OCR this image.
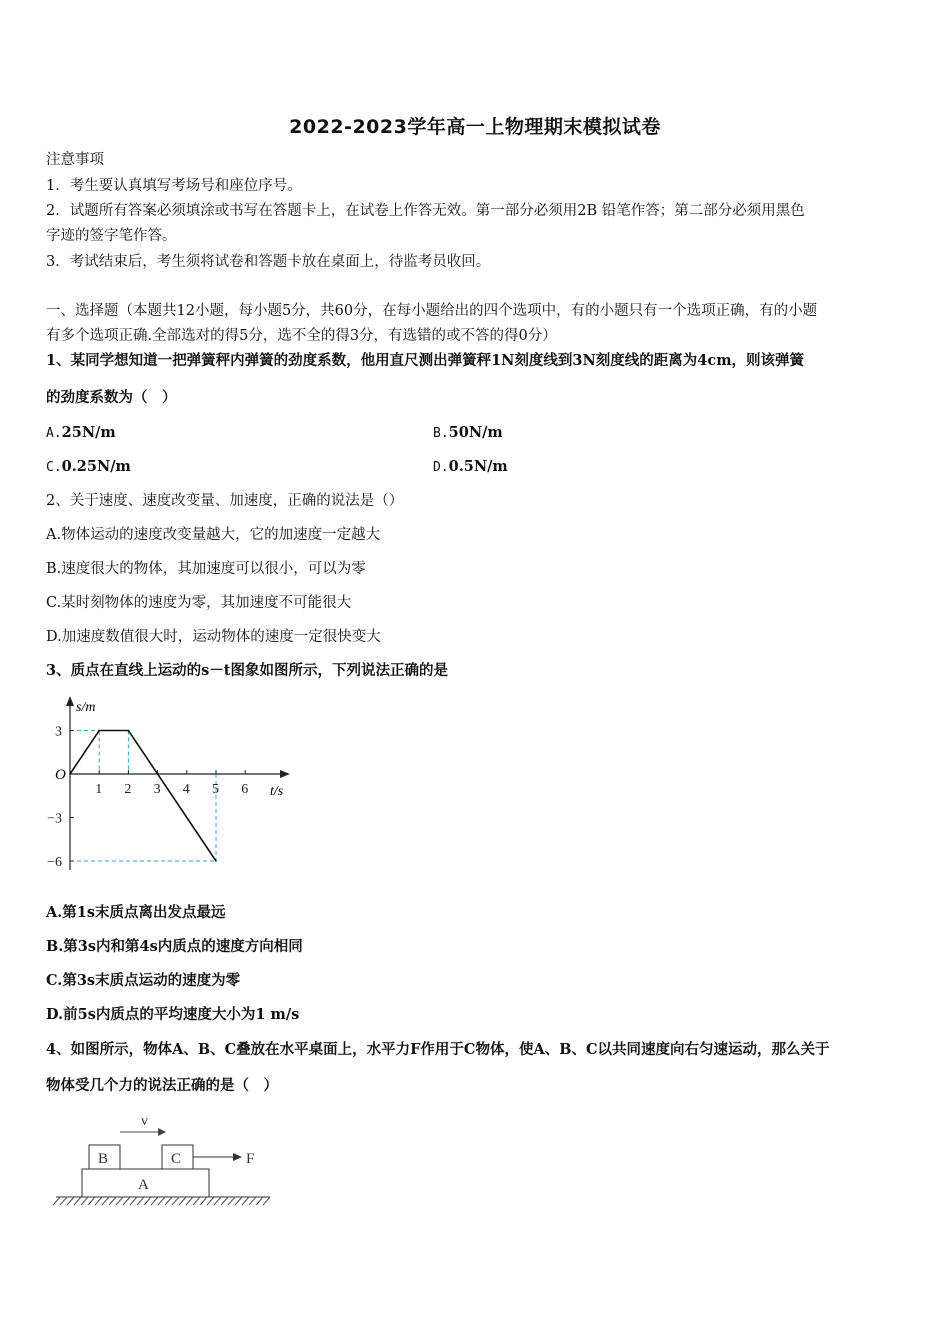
2022-2023学年高一上物理期末模拟试卷
注意事项
1．考生要认真填写考场号和座位序号。
2．试题所有答案必须填涂或书写在答题卡上，在试卷上作答无效。第一部分必须用2B 铅笔作答；第二部分必须用黑色
字迹的签字笔作答。
3．考试结束后，考生须将试卷和答题卡放在桌面上，待监考员收回。
一、选择题（本题共12小题，每小题5分，共60分，在每小题给出的四个选项中，有的小题只有一个选项正确，有的小题
有多个选项正确.全部选对的得5分，选不全的得3分，有选错的或不答的得0分）
1、某同学想知道一把弹簧秤内弹簧的劲度系数，他用直尺测出弹簧秤1N刻度线到3N刻度线的距离为4cm，则该弹簧
的劲度系数为（　）
A.25N/m	B.50N/m
C.0.25N/m	D.0.5N/m
2、关于速度、速度改变量、加速度，正确的说法是（）
A.物体运动的速度改变量越大，它的加速度一定越大
B.速度很大的物体，其加速度可以很小，可以为零
C.某时刻物体的速度为零，其加速度不可能很大
D.加速度数值很大时，运动物体的速度一定很快变大
3、质点在直线上运动的s－t图象如图所示，下列说法正确的是
1 2 3 4 5 6
3
−3
−6
s/m
t/s
O
A.第1s末质点离出发点最远
B.第3s内和第4s内质点的速度方向相同
C.第3s末质点运动的速度为零
D.前5s内质点的平均速度大小为1 m/s
4、如图所示，物体A、B、C叠放在水平桌面上，水平力F作用于C物体，使A、B、C以共同速度向右匀速运动，那么关于
物体受几个力的说法正确的是（　）
v
B	C	F
A
